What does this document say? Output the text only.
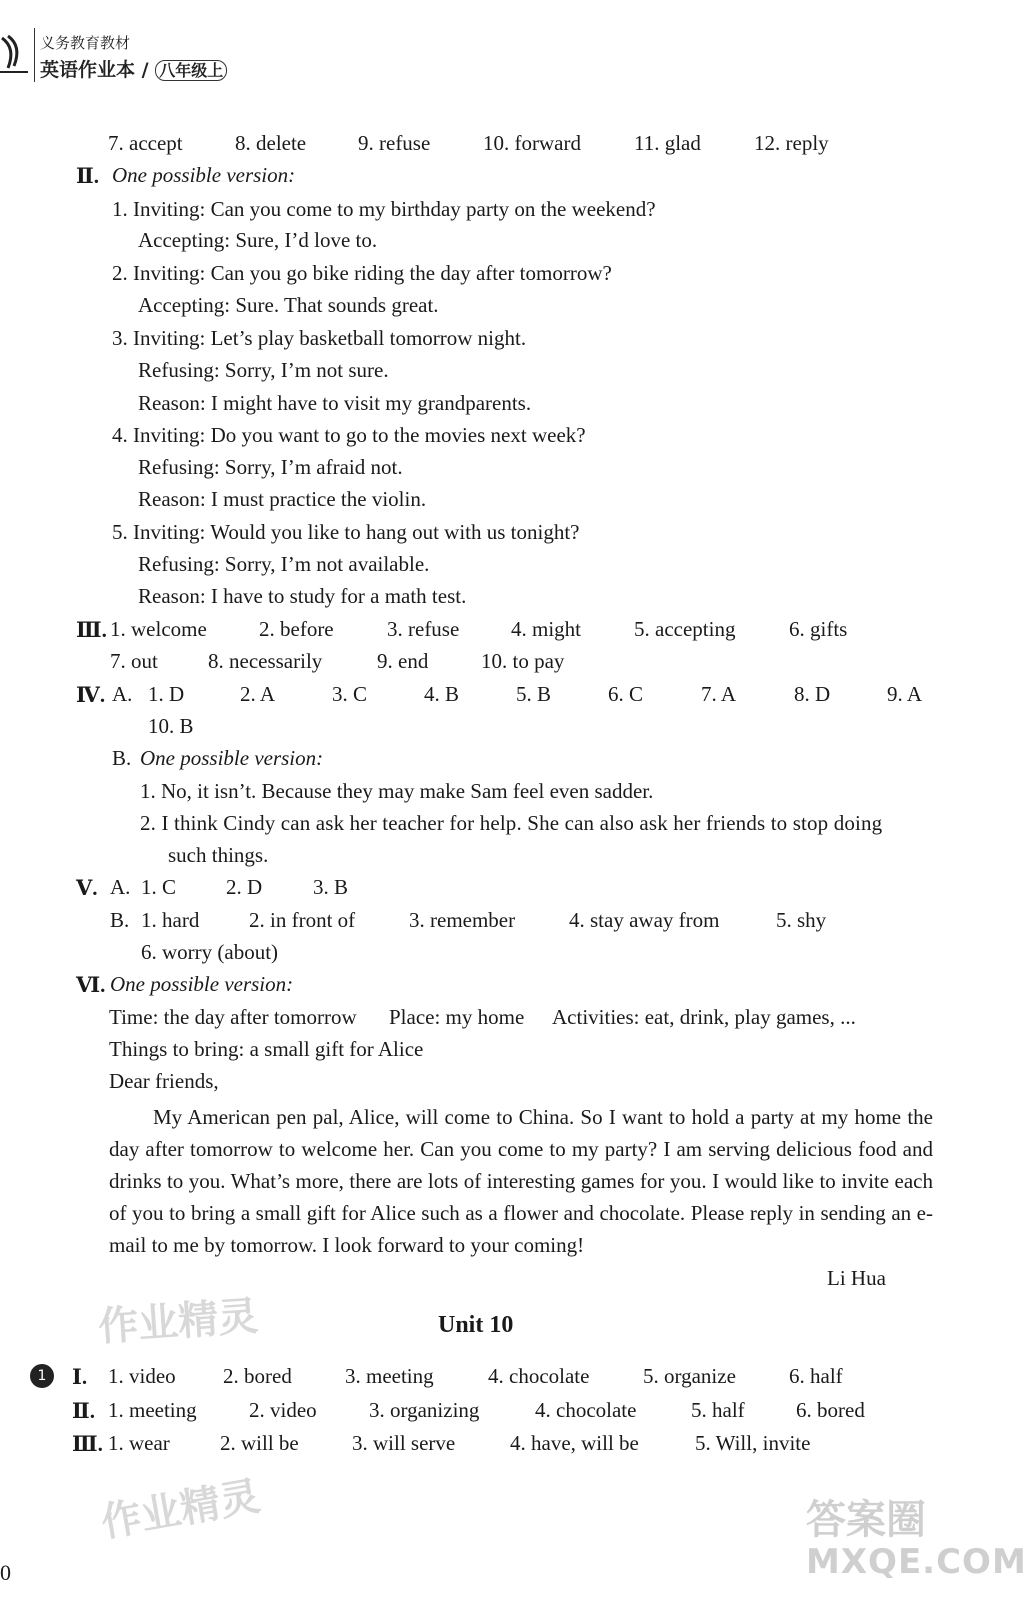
义务教育教材
英语作业本 / 八年级上
7. accept 8. delete 9. refuse	10. forward	11. glad	12. reply
Ⅱ. One possible version:
1. Inviting: Can you come to my birthday party on the weekend?
Accepting: Sure, I’d love to.
2. Inviting: Can you go bike riding the day after tomorrow?
Accepting: Sure. That sounds great.
3. Inviting: Let’s play basketball tomorrow night.
Refusing: Sorry, I’m not sure.
Reason: I might have to visit my grandparents.
4. Inviting: Do you want to go to the movies next week?
Refusing: Sorry, I’m afraid not.
Reason: I must practice the violin.
5. Inviting: Would you like to hang out with us tonight?
Refusing: Sorry, I’m not available.
Reason: I have to study for a math test.
Ⅲ. 1. welcome 2. before	3. refuse 4. might	5. accepting	6. gifts
7. out 8. necessarily	9. end	10. to pay
Ⅳ. A. 1. D	2. A	3. C	4. B	5. B	6. C	7. A	8. D	9. A
10. B
B. One possible version:
1. No, it isn’t. Because they may make Sam feel even sadder.
2. I think Cindy can ask her teacher for help. She can also ask her friends to stop doing
such things.
Ⅴ. A. 1. C 2. D 3. B
B. 1. hard 2. in front of	3. remember	4. stay away from	5. shy
6. worry (about)
Ⅵ. One possible version:
Time: the day after tomorrow Place: my home Activities: eat, drink, play games, ...
Things to bring: a small gift for Alice
Dear friends,
My American pen pal, Alice, will come to China. So I want to hold a party at my home the day after tomorrow to welcome her. Can you come to my party? I am serving delicious food and drinks to you. What’s more, there are lots of interesting games for you. I would like to invite each of you to bring a small gift for Alice such as a flower and chocolate. Please reply in sending an e-mail to me by tomorrow. I look forward to your coming!
Li Hua
作业精灵	Unit 10
1	Ⅰ. 1. video 2. bored	3. meeting	4. chocolate	5. organize	6. half
Ⅱ. 1. meeting 2. video 3. organizing	4. chocolate	5. half 6. bored
Ⅲ. 1. wear 2. will be	3. will serve	4. have, will be	5. Will, invite
作业精灵	答案圈
MXQE.COM
0
